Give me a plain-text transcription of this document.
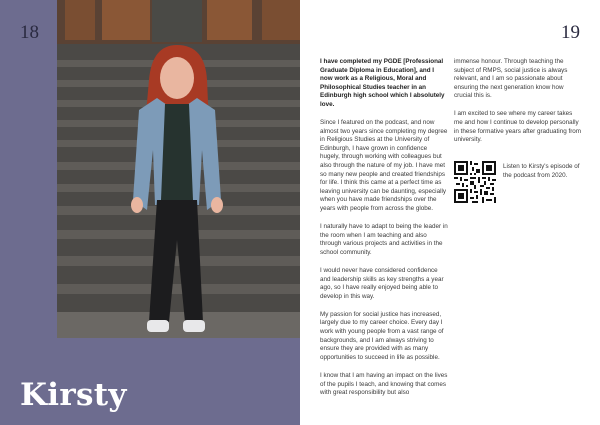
18	19
Kirsty

I have completed my PGDE [Professional Graduate Diploma in Education], and I now work as a Religious, Moral and Philosophical Studies teacher in an Edinburgh high school which I absolutely love.

Since I featured on the podcast, and now almost two years since completing my degree in Religious Studies at the University of Edinburgh, I have grown in confidence hugely, through working with colleagues but also through the nature of my job. I have met so many new people and created friendships for life. I think this came at a perfect time as leaving university can be daunting, especially when you have made friendships over the years with people from across the globe.

I naturally have to adapt to being the leader in the room when I am teaching and also through various projects and activities in the school community.

I would never have considered confidence and leadership skills as key strengths a year ago, so I have really enjoyed being able to develop in this way.

My passion for social justice has increased, largely due to my career choice. Every day I work with young people from a vast range of backgrounds, and I am always striving to ensure they are provided with as many opportunities to succeed in life as possible.

I know that I am having an impact on the lives of the pupils I teach, and knowing that comes with great responsibility but also

immense honour. Through teaching the subject of RMPS, social justice is always relevant, and I am so passionate about ensuring the next generation know how crucial this is.

I am excited to see where my career takes me and how I continue to develop personally in these formative years after graduating from university.

Listen to Kirsty's episode of the podcast from 2020.
